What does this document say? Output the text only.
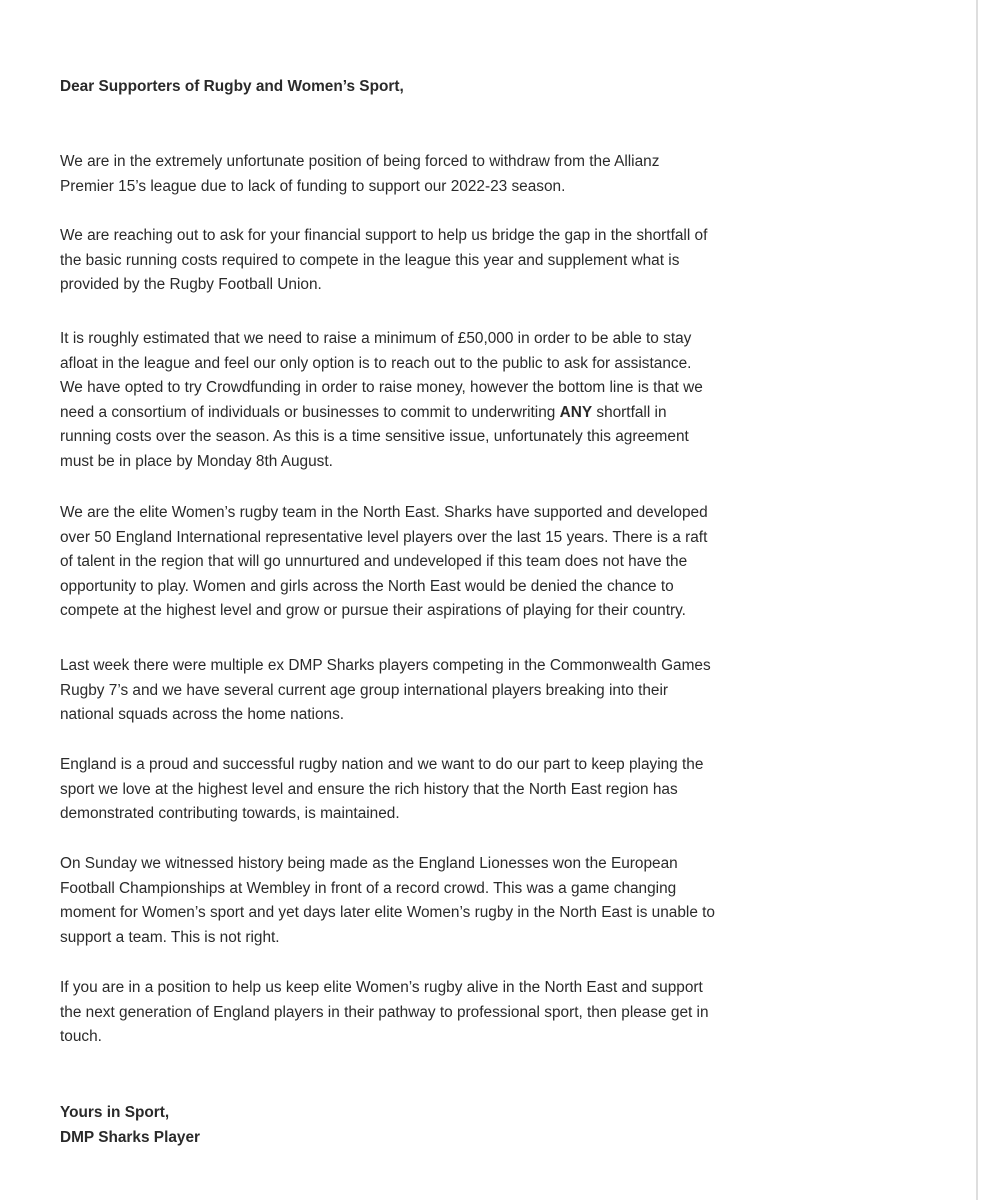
Dear Supporters of Rugby and Women’s Sport,

We are in the extremely unfortunate position of being forced to withdraw from the Allianz
Premier 15’s league due to lack of funding to support our 2022-23 season.

We are reaching out to ask for your financial support to help us bridge the gap in the shortfall of
the basic running costs required to compete in the league this year and supplement what is
provided by the Rugby Football Union.

It is roughly estimated that we need to raise a minimum of £50,000 in order to be able to stay
afloat in the league and feel our only option is to reach out to the public to ask for assistance.
We have opted to try Crowdfunding in order to raise money, however the bottom line is that we
need a consortium of individuals or businesses to commit to underwriting ANY shortfall in
running costs over the season. As this is a time sensitive issue, unfortunately this agreement
must be in place by Monday 8th August.

We are the elite Women’s rugby team in the North East. Sharks have supported and developed
over 50 England International representative level players over the last 15 years. There is a raft
of talent in the region that will go unnurtured and undeveloped if this team does not have the
opportunity to play. Women and girls across the North East would be denied the chance to
compete at the highest level and grow or pursue their aspirations of playing for their country.

Last week there were multiple ex DMP Sharks players competing in the Commonwealth Games
Rugby 7’s and we have several current age group international players breaking into their
national squads across the home nations.

England is a proud and successful rugby nation and we want to do our part to keep playing the
sport we love at the highest level and ensure the rich history that the North East region has
demonstrated contributing towards, is maintained.

On Sunday we witnessed history being made as the England Lionesses won the European
Football Championships at Wembley in front of a record crowd. This was a game changing
moment for Women’s sport and yet days later elite Women’s rugby in the North East is unable to
support a team. This is not right.

If you are in a position to help us keep elite Women’s rugby alive in the North East and support
the next generation of England players in their pathway to professional sport, then please get in
touch.

Yours in Sport,
DMP Sharks Player
